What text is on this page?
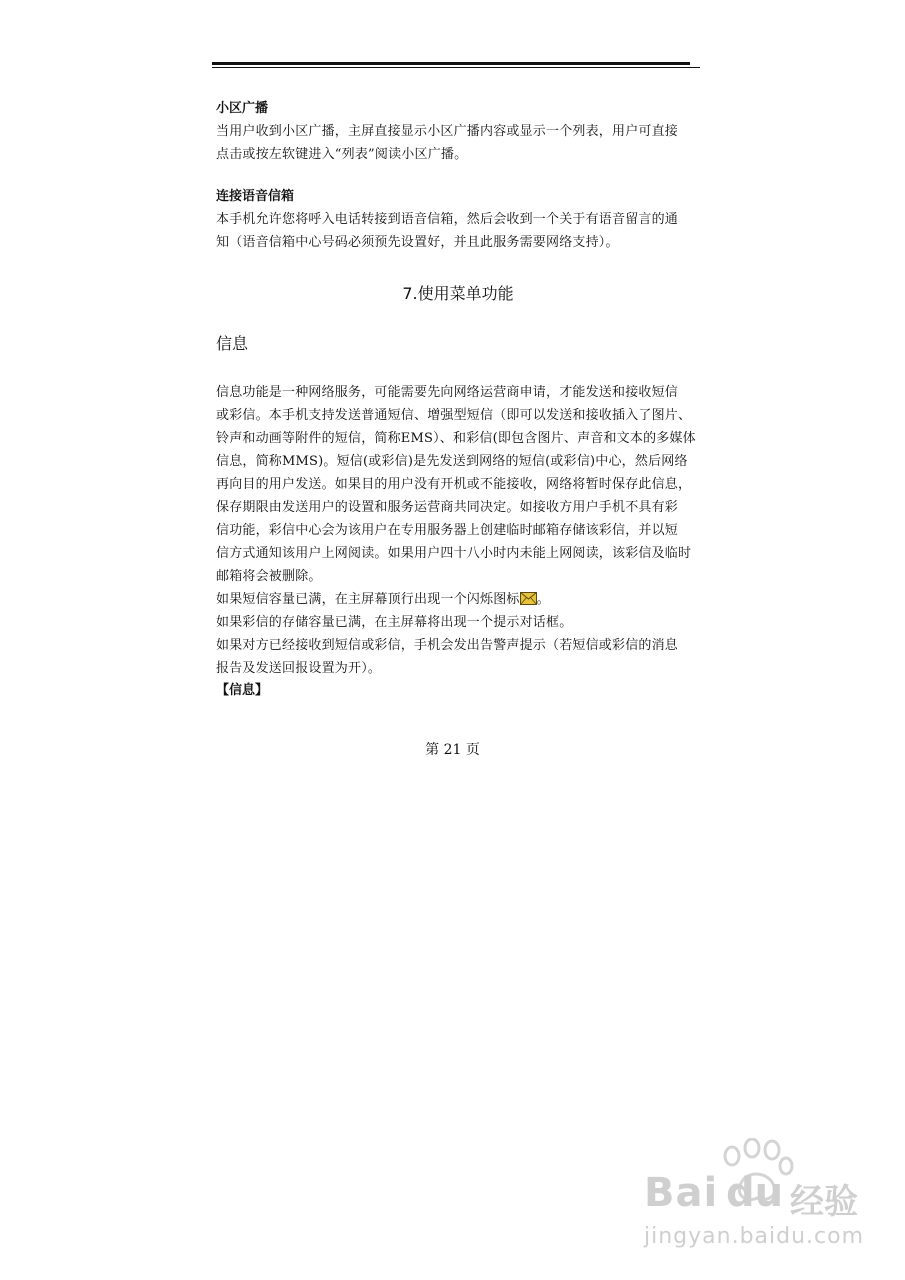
小区广播

当用户收到小区广播，主屏直接显示小区广播内容或显示一个列表，用户可直接

点击或按左软键进入“列表”阅读小区广播。

连接语音信箱

本手机允许您将呼入电话转接到语音信箱，然后会收到一个关于有语音留言的通

知（语音信箱中心号码必须预先设置好，并且此服务需要网络支持）。

7.使用菜单功能

信息

信息功能是一种网络服务，可能需要先向网络运营商申请，才能发送和接收短信

或彩信。本手机支持发送普通短信、增强型短信（即可以发送和接收插入了图片、

铃声和动画等附件的短信，简称EMS）、和彩信(即包含图片、声音和文本的多媒体

信息，简称MMS)。短信(或彩信)是先发送到网络的短信(或彩信)中心，然后网络

再向目的用户发送。如果目的用户没有开机或不能接收，网络将暂时保存此信息，

保存期限由发送用户的设置和服务运营商共同决定。如接收方用户手机不具有彩

信功能，彩信中心会为该用户在专用服务器上创建临时邮箱存储该彩信，并以短

信方式通知该用户上网阅读。如果用户四十八小时内未能上网阅读，该彩信及临时

邮箱将会被删除。

如果短信容量已满，在主屏幕顶行出现一个闪烁图标 。

如果彩信的存储容量已满，在主屏幕将出现一个提示对话框。

如果对方已经接收到短信或彩信，手机会发出告警声提示（若短信或彩信的消息

报告及发送回报设置为开）。

【信息】

第 21 页
Bai du 经验
jingyan.baidu.com
